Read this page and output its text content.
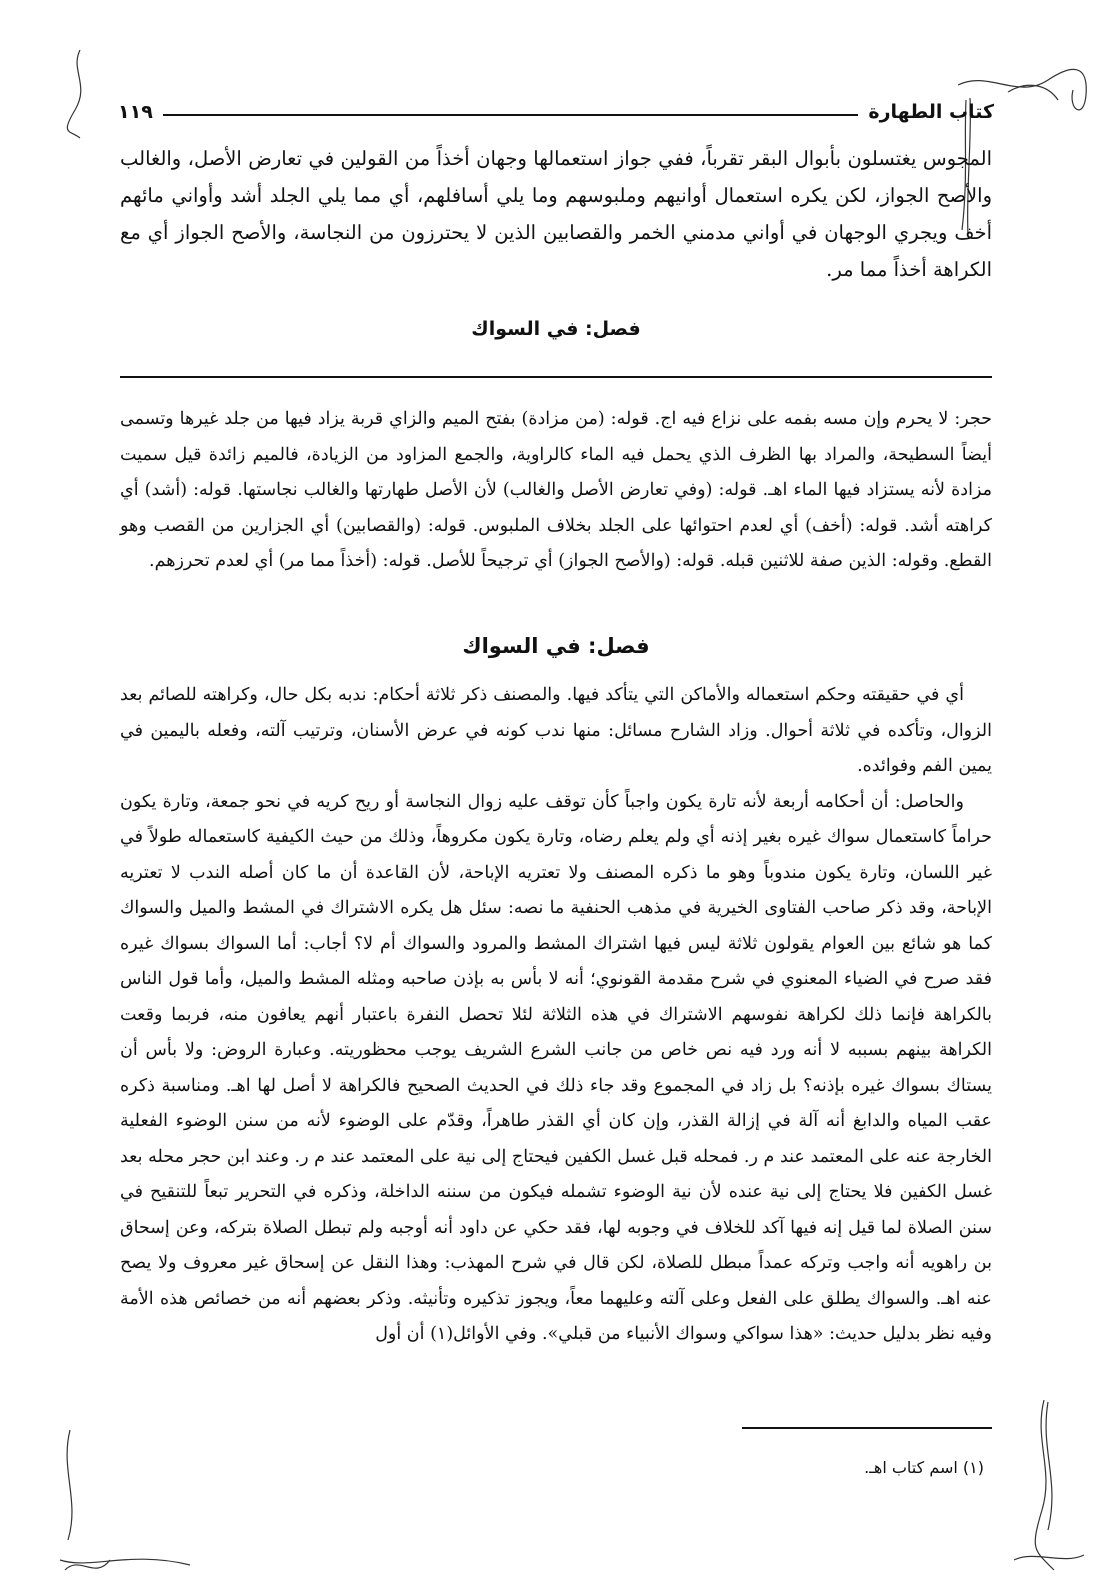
كتاب الطهارة
١١٩

المجوس يغتسلون بأبوال البقر تقرباً، ففي جواز استعمالها وجهان أخذاً من القولين في تعارض الأصل، والغالب والأصح الجواز، لكن يكره استعمال أوانيهم وملبوسهم وما يلي أسافلهم، أي مما يلي الجلد أشد وأواني مائهم أخف ويجري الوجهان في أواني مدمني الخمر والقصابين الذين لا يحترزون من النجاسة، والأصح الجواز أي مع الكراهة أخذاً مما مر.

فصل: في السواك

حجر: لا يحرم وإن مسه بفمه على نزاع فيه اج. قوله: (من مزادة) بفتح الميم والزاي قربة يزاد فيها من جلد غيرها وتسمى أيضاً السطيحة، والمراد بها الظرف الذي يحمل فيه الماء كالراوية، والجمع المزاود من الزيادة، فالميم زائدة قيل سميت مزادة لأنه يستزاد فيها الماء اهـ. قوله: (وفي تعارض الأصل والغالب) لأن الأصل طهارتها والغالب نجاستها. قوله: (أشد) أي كراهته أشد. قوله: (أخف) أي لعدم احتوائها على الجلد بخلاف الملبوس. قوله: (والقصابين) أي الجزارين من القصب وهو القطع. وقوله: الذين صفة للاثنين قبله. قوله: (والأصح الجواز) أي ترجيحاً للأصل. قوله: (أخذاً مما مر) أي لعدم تحرزهم.

فصل: في السواك

أي في حقيقته وحكم استعماله والأماكن التي يتأكد فيها. والمصنف ذكر ثلاثة أحكام: ندبه بكل حال، وكراهته للصائم بعد الزوال، وتأكده في ثلاثة أحوال. وزاد الشارح مسائل: منها ندب كونه في عرض الأسنان، وترتيب آلته، وفعله باليمين في يمين الفم وفوائده.

والحاصل: أن أحكامه أربعة لأنه تارة يكون واجباً كأن توقف عليه زوال النجاسة أو ريح كريه في نحو جمعة، وتارة يكون حراماً كاستعمال سواك غيره بغير إذنه أي ولم يعلم رضاه، وتارة يكون مكروهاً، وذلك من حيث الكيفية كاستعماله طولاً في غير اللسان، وتارة يكون مندوباً وهو ما ذكره المصنف ولا تعتريه الإباحة، لأن القاعدة أن ما كان أصله الندب لا تعتريه الإباحة، وقد ذكر صاحب الفتاوى الخيرية في مذهب الحنفية ما نصه: سئل هل يكره الاشتراك في المشط والميل والسواك كما هو شائع بين العوام يقولون ثلاثة ليس فيها اشتراك المشط والمرود والسواك أم لا؟ أجاب: أما السواك بسواك غيره فقد صرح في الضياء المعنوي في شرح مقدمة القونوي؛ أنه لا بأس به بإذن صاحبه ومثله المشط والميل، وأما قول الناس بالكراهة فإنما ذلك لكراهة نفوسهم الاشتراك في هذه الثلاثة لئلا تحصل النفرة باعتبار أنهم يعافون منه، فربما وقعت الكراهة بينهم بسببه لا أنه ورد فيه نص خاص من جانب الشرع الشريف يوجب محظوريته. وعبارة الروض: ولا بأس أن يستاك بسواك غيره بإذنه؟ بل زاد في المجموع وقد جاء ذلك في الحديث الصحيح فالكراهة لا أصل لها اهـ. ومناسبة ذكره عقب المياه والدابغ أنه آلة في إزالة القذر، وإن كان أي القذر طاهراً، وقدّم على الوضوء لأنه من سنن الوضوء الفعلية الخارجة عنه على المعتمد عند م ر. فمحله قبل غسل الكفين فيحتاج إلى نية على المعتمد عند م ر. وعند ابن حجر محله بعد غسل الكفين فلا يحتاج إلى نية عنده لأن نية الوضوء تشمله فيكون من سننه الداخلة، وذكره في التحرير تبعاً للتنقيح في سنن الصلاة لما قيل إنه فيها آكد للخلاف في وجوبه لها، فقد حكي عن داود أنه أوجبه ولم تبطل الصلاة بتركه، وعن إسحاق بن راهويه أنه واجب وتركه عمداً مبطل للصلاة، لكن قال في شرح المهذب: وهذا النقل عن إسحاق غير معروف ولا يصح عنه اهـ. والسواك يطلق على الفعل وعلى آلته وعليهما معاً، ويجوز تذكيره وتأنيثه. وذكر بعضهم أنه من خصائص هذه الأمة وفيه نظر بدليل حديث: «هذا سواكي وسواك الأنبياء من قبلي». وفي الأوائل(١) أن أول

(١) اسم كتاب اهـ.
